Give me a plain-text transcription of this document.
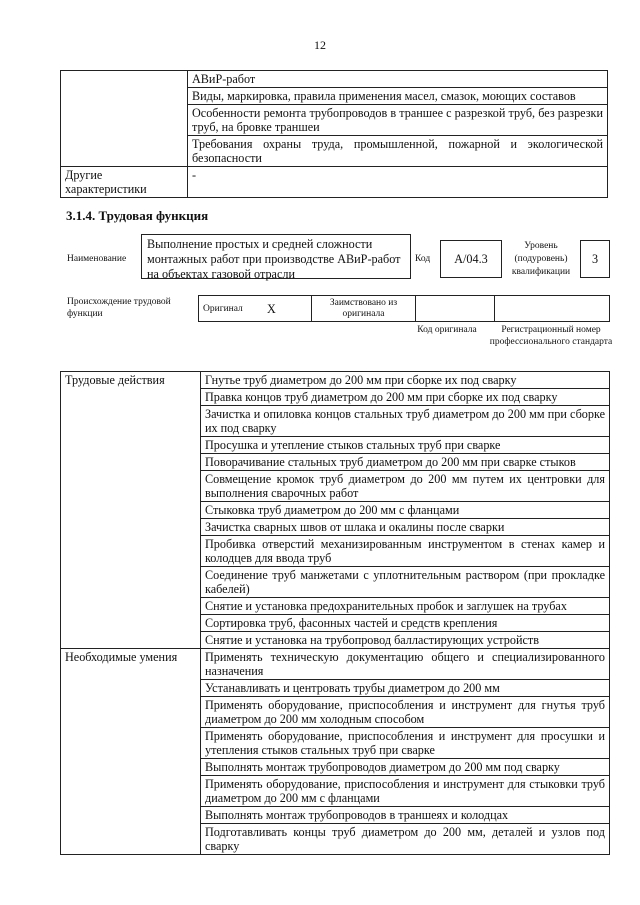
12
	АВиР-работ
	Виды, маркировка, правила применения масел, смазок, моющих составов
	Особенности ремонта трубопроводов в траншее с разрезкой труб, без разрезки труб, на бровке траншеи
	Требования охраны труда, промышленной, пожарной и экологической безопасности
Другие характеристики	-
3.1.4. Трудовая функция
Наименование
Выполнение простых и средней сложности монтажных работ при производстве АВиР-работ на объектах газовой отрасли
Код	А/04.3
Уровень (подуровень) квалификации
3
Происхождение трудовой функции
Оригинал	X	Заимствовано из оригинала		
Код оригинала	Регистрационный номер профессионального стандарта
Трудовые действия	Гнутье труб диаметром до 200 мм при сборке их под сварку
	Правка концов труб диаметром до 200 мм при сборке их под сварку
	Зачистка и опиловка концов стальных труб диаметром до 200 мм при сборке их под сварку
	Просушка и утепление стыков стальных труб при сварке
	Поворачивание стальных труб диаметром до 200 мм при сварке стыков
	Совмещение кромок труб диаметром до 200 мм путем их центровки для выполнения сварочных работ
	Стыковка труб диаметром до 200 мм с фланцами
	Зачистка сварных швов от шлака и окалины после сварки
	Пробивка отверстий механизированным инструментом в стенах камер и колодцев для ввода труб
	Соединение труб манжетами с уплотнительным раствором (при прокладке кабелей)
	Снятие и установка предохранительных пробок и заглушек на трубах
	Сортировка труб, фасонных частей и средств крепления
	Снятие и установка на трубопровод балластирующих устройств
Необходимые умения	Применять техническую документацию общего и специализированного назначения
	Устанавливать и центровать трубы диаметром до 200 мм
	Применять оборудование, приспособления и инструмент для гнутья труб диаметром до 200 мм холодным способом
	Применять оборудование, приспособления и инструмент для просушки и утепления стыков стальных труб при сварке
	Выполнять монтаж трубопроводов диаметром до 200 мм под сварку
	Применять оборудование, приспособления и инструмент для стыковки труб диаметром до 200 мм с фланцами
	Выполнять монтаж трубопроводов в траншеях и колодцах
	Подготавливать концы труб диаметром до 200 мм, деталей и узлов под сварку
